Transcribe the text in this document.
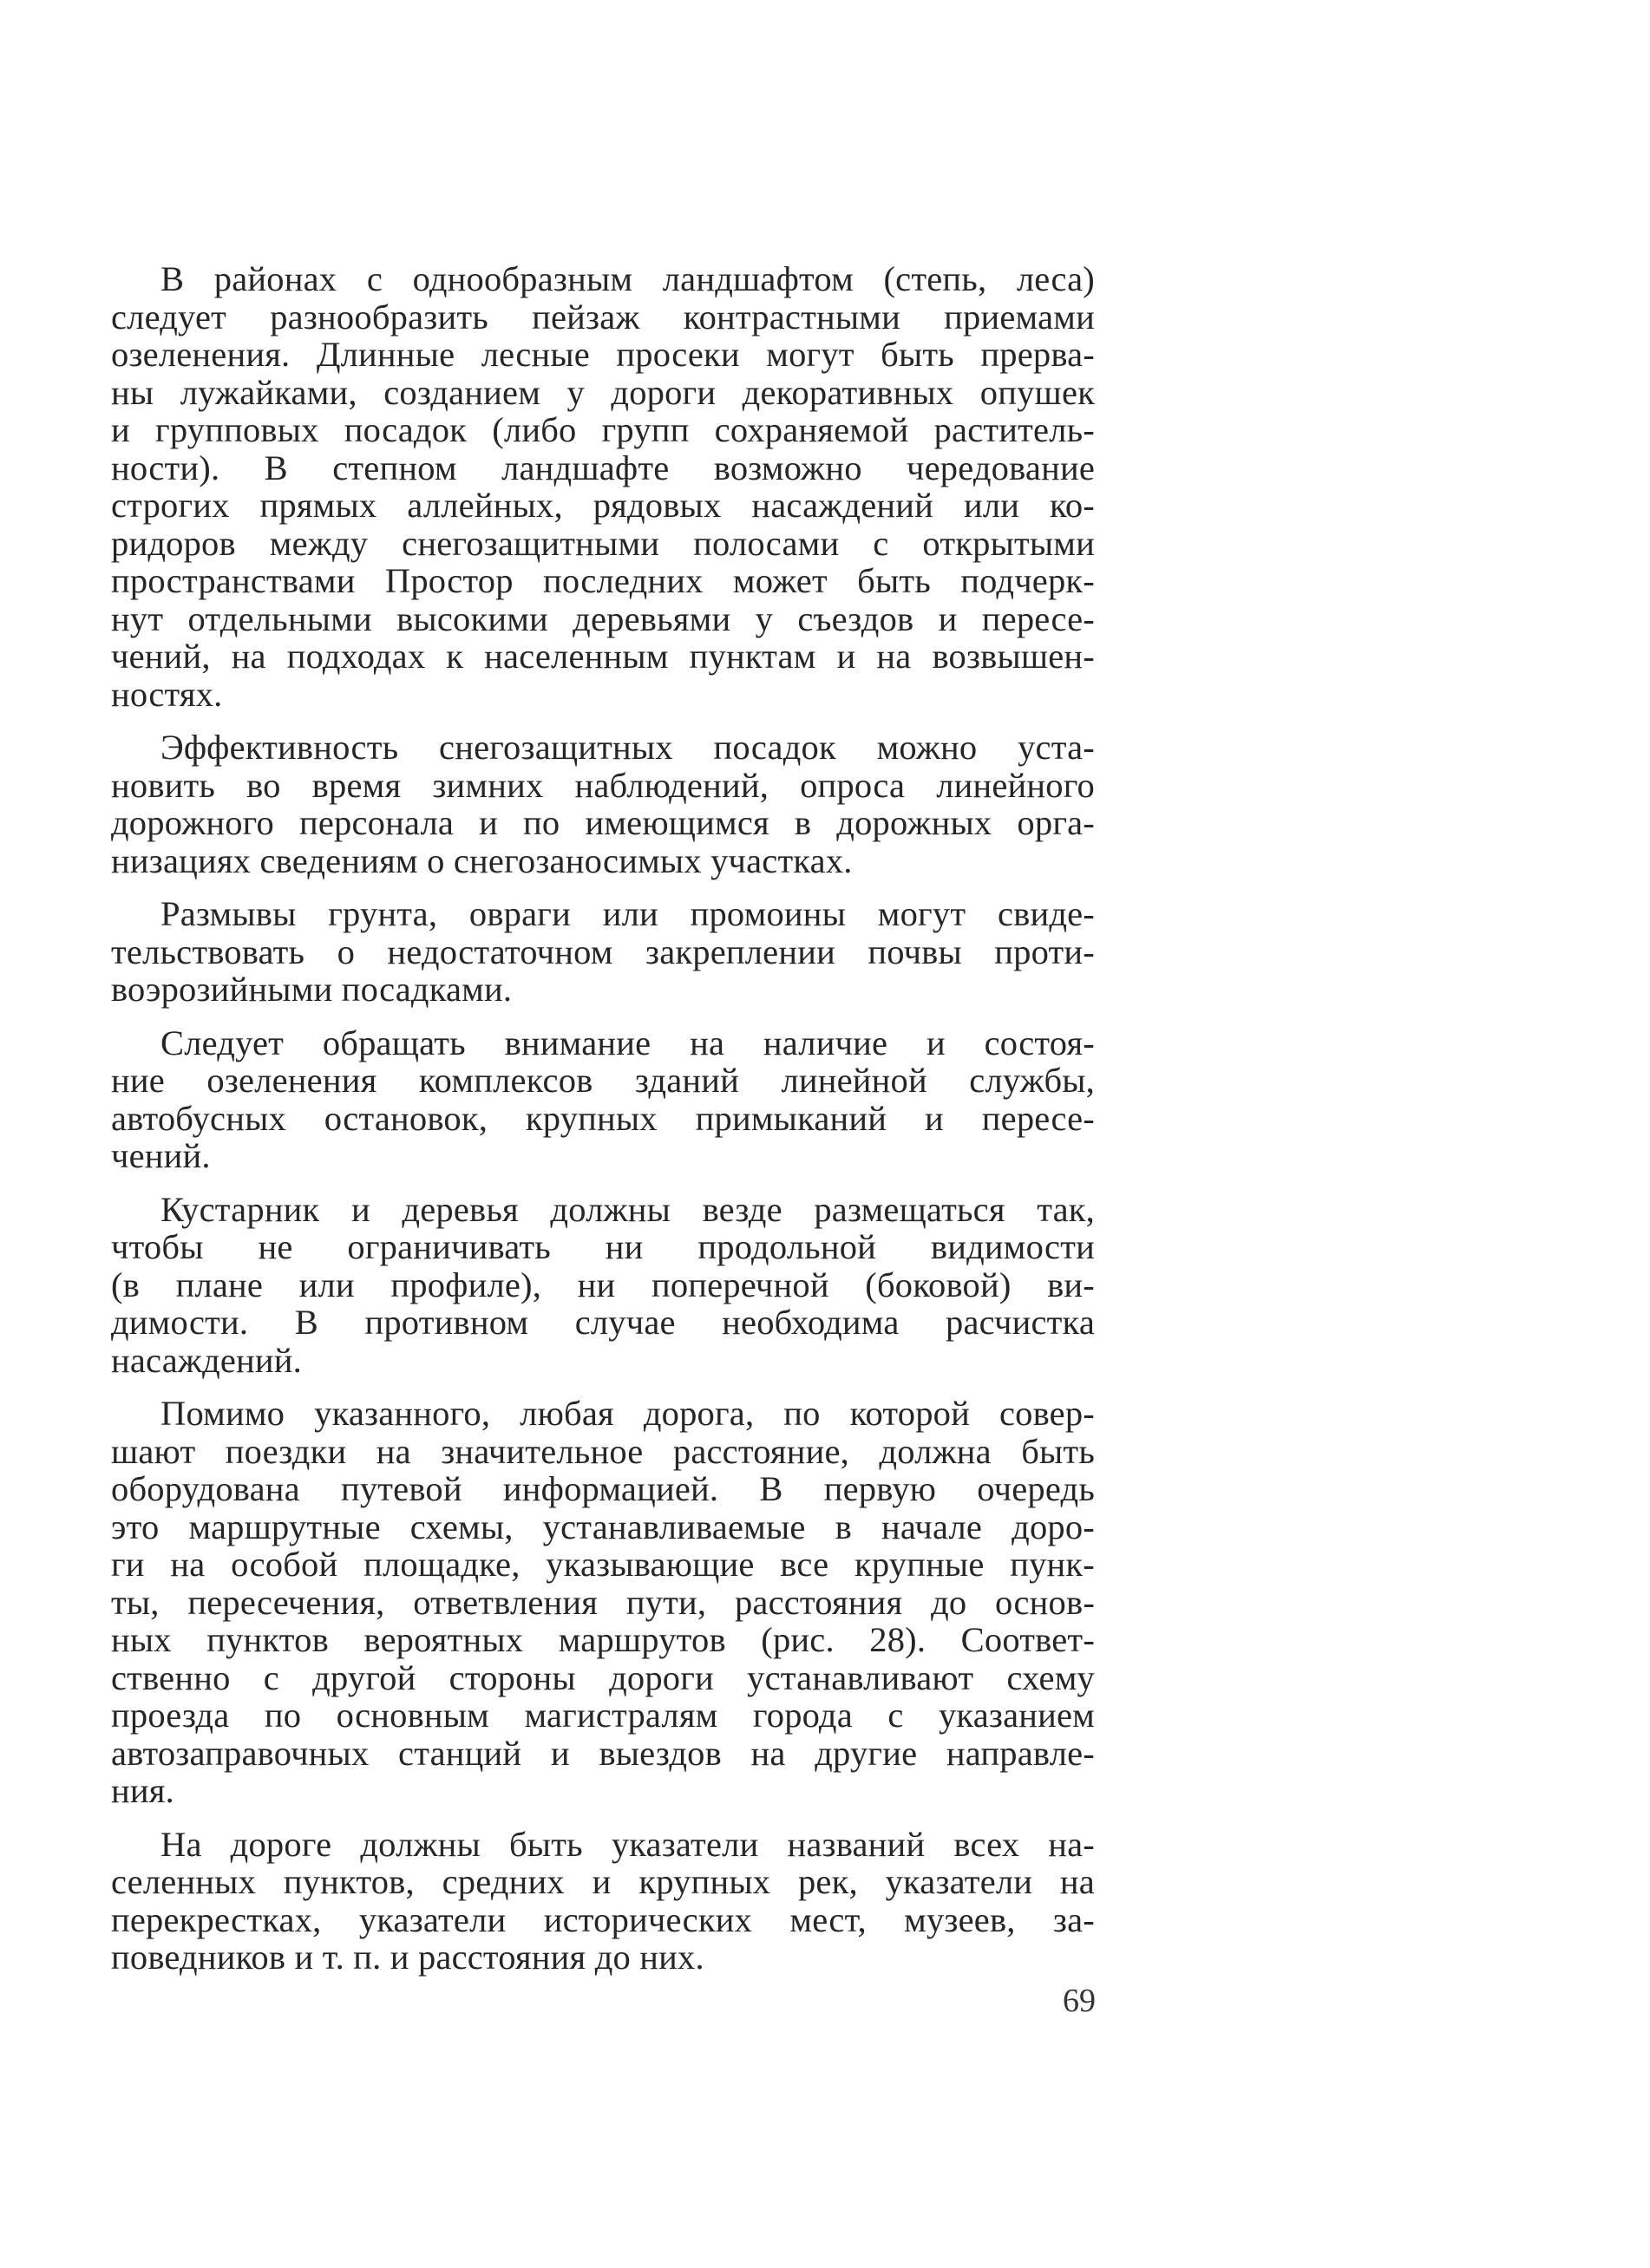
В районах с однообразным ландшафтом (степь, леса)
следует разнообразить пейзаж контрастными приемами
озеленения. Длинные лесные просеки могут быть прерва-
ны лужайками, созданием у дороги декоративных опушек
и групповых посадок (либо групп сохраняемой раститель-
ности). В степном ландшафте возможно чередование
строгих прямых аллейных, рядовых насаждений или ко-
ридоров между снегозащитными полосами с открытыми
пространствами Простор последних может быть подчерк-
нут отдельными высокими деревьями у съездов и пересе-
чений, на подходах к населенным пунктам и на возвышен-
ностях.
Эффективность снегозащитных посадок можно уста-
новить во время зимних наблюдений, опроса линейного
дорожного персонала и по имеющимся в дорожных орга-
низациях сведениям о снегозаносимых участках.
Размывы грунта, овраги или промоины могут свиде-
тельствовать о недостаточном закреплении почвы проти-
воэрозийными посадками.
Следует обращать внимание на наличие и состоя-
ние озеленения комплексов зданий линейной службы,
автобусных остановок, крупных примыканий и пересе-
чений.
Кустарник и деревья должны везде размещаться так,
чтобы не ограничивать ни продольной видимости
(в плане или профиле), ни поперечной (боковой) ви-
димости. В противном случае необходима расчистка
насаждений.
Помимо указанного, любая дорога, по которой совер-
шают поездки на значительное расстояние, должна быть
оборудована путевой информацией. В первую очередь
это маршрутные схемы, устанавливаемые в начале доро-
ги на особой площадке, указывающие все крупные пунк-
ты, пересечения, ответвления пути, расстояния до основ-
ных пунктов вероятных маршрутов (рис. 28). Соответ-
ственно с другой стороны дороги устанавливают схему
проезда по основным магистралям города с указанием
автозаправочных станций и выездов на другие направле-
ния.
На дороге должны быть указатели названий всех на-
селенных пунктов, средних и крупных рек, указатели на
перекрестках, указатели исторических мест, музеев, за-
поведников и т. п. и расстояния до них.
69
